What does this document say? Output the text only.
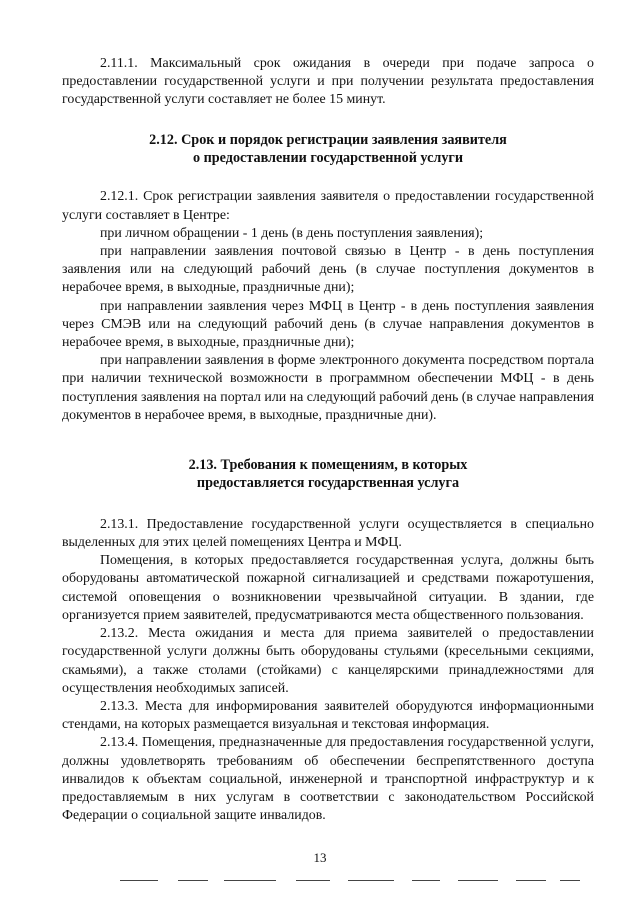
2.11.1. Максимальный срок ожидания в очереди при подаче запроса о предоставлении государственной услуги и при получении результата предоставления государственной услуги составляет не более 15 минут.

2.12. Срок и порядок регистрации заявления заявителя
о предоставлении государственной услуги

2.12.1. Срок регистрации заявления заявителя о предоставлении государственной услуги составляет в Центре:

при личном обращении - 1 день (в день поступления заявления);

при направлении заявления почтовой связью в Центр - в день поступления заявления или на следующий рабочий день (в случае поступления документов в нерабочее время, в выходные, праздничные дни);

при направлении заявления через МФЦ в Центр - в день поступления заявления через СМЭВ или на следующий рабочий день (в случае направления документов в нерабочее время, в выходные, праздничные дни);

при направлении заявления в форме электронного документа посредством портала при наличии технической возможности в программном обеспечении МФЦ - в день поступления заявления на портал или на следующий рабочий день (в случае направления документов в нерабочее время, в выходные, праздничные дни).

2.13. Требования к помещениям, в которых
предоставляется государственная услуга

2.13.1. Предоставление государственной услуги осуществляется в специально выделенных для этих целей помещениях Центра и МФЦ.

Помещения, в которых предоставляется государственная услуга, должны быть оборудованы автоматической пожарной сигнализацией и средствами пожаротушения, системой оповещения о возникновении чрезвычайной ситуации. В здании, где организуется прием заявителей, предусматриваются места общественного пользования.

2.13.2. Места ожидания и места для приема заявителей о предоставлении государственной услуги должны быть оборудованы стульями (кресельными секциями, скамьями), а также столами (стойками) с канцелярскими принадлежностями для осуществления необходимых записей.

2.13.3. Места для информирования заявителей оборудуются информационными стендами, на которых размещается визуальная и текстовая информация.

2.13.4. Помещения, предназначенные для предоставления государственной услуги, должны удовлетворять требованиям об обеспечении беспрепятственного доступа инвалидов к объектам социальной, инженерной и транспортной инфраструктур и к предоставляемым в них услугам в соответствии с законодательством Российской Федерации о социальной защите инвалидов.

13
